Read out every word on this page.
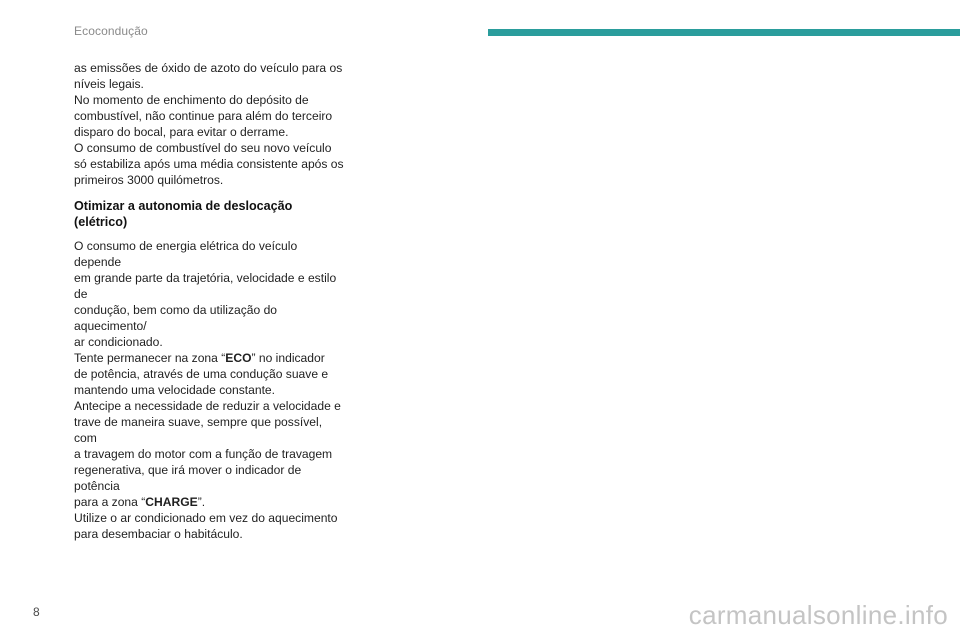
Ecocondução

as emissões de óxido de azoto do veículo para os
níveis legais.

No momento de enchimento do depósito de
combustível, não continue para além do terceiro
disparo do bocal, para evitar o derrame.

O consumo de combustível do seu novo veículo
só estabiliza após uma média consistente após os
primeiros 3000 quilómetros.

Otimizar a autonomia de deslocação (elétrico)

O consumo de energia elétrica do veículo depende
em grande parte da trajetória, velocidade e estilo de
condução, bem como da utilização do aquecimento/
ar condicionado.

Tente permanecer na zona “ECO” no indicador
de potência, através de uma condução suave e
mantendo uma velocidade constante.

Antecipe a necessidade de reduzir a velocidade e
trave de maneira suave, sempre que possível, com
a travagem do motor com a função de travagem
regenerativa, que irá mover o indicador de potência
para a zona “CHARGE”.

Utilize o ar condicionado em vez do aquecimento
para desembaciar o habitáculo.

8	carmanualsonline.info
